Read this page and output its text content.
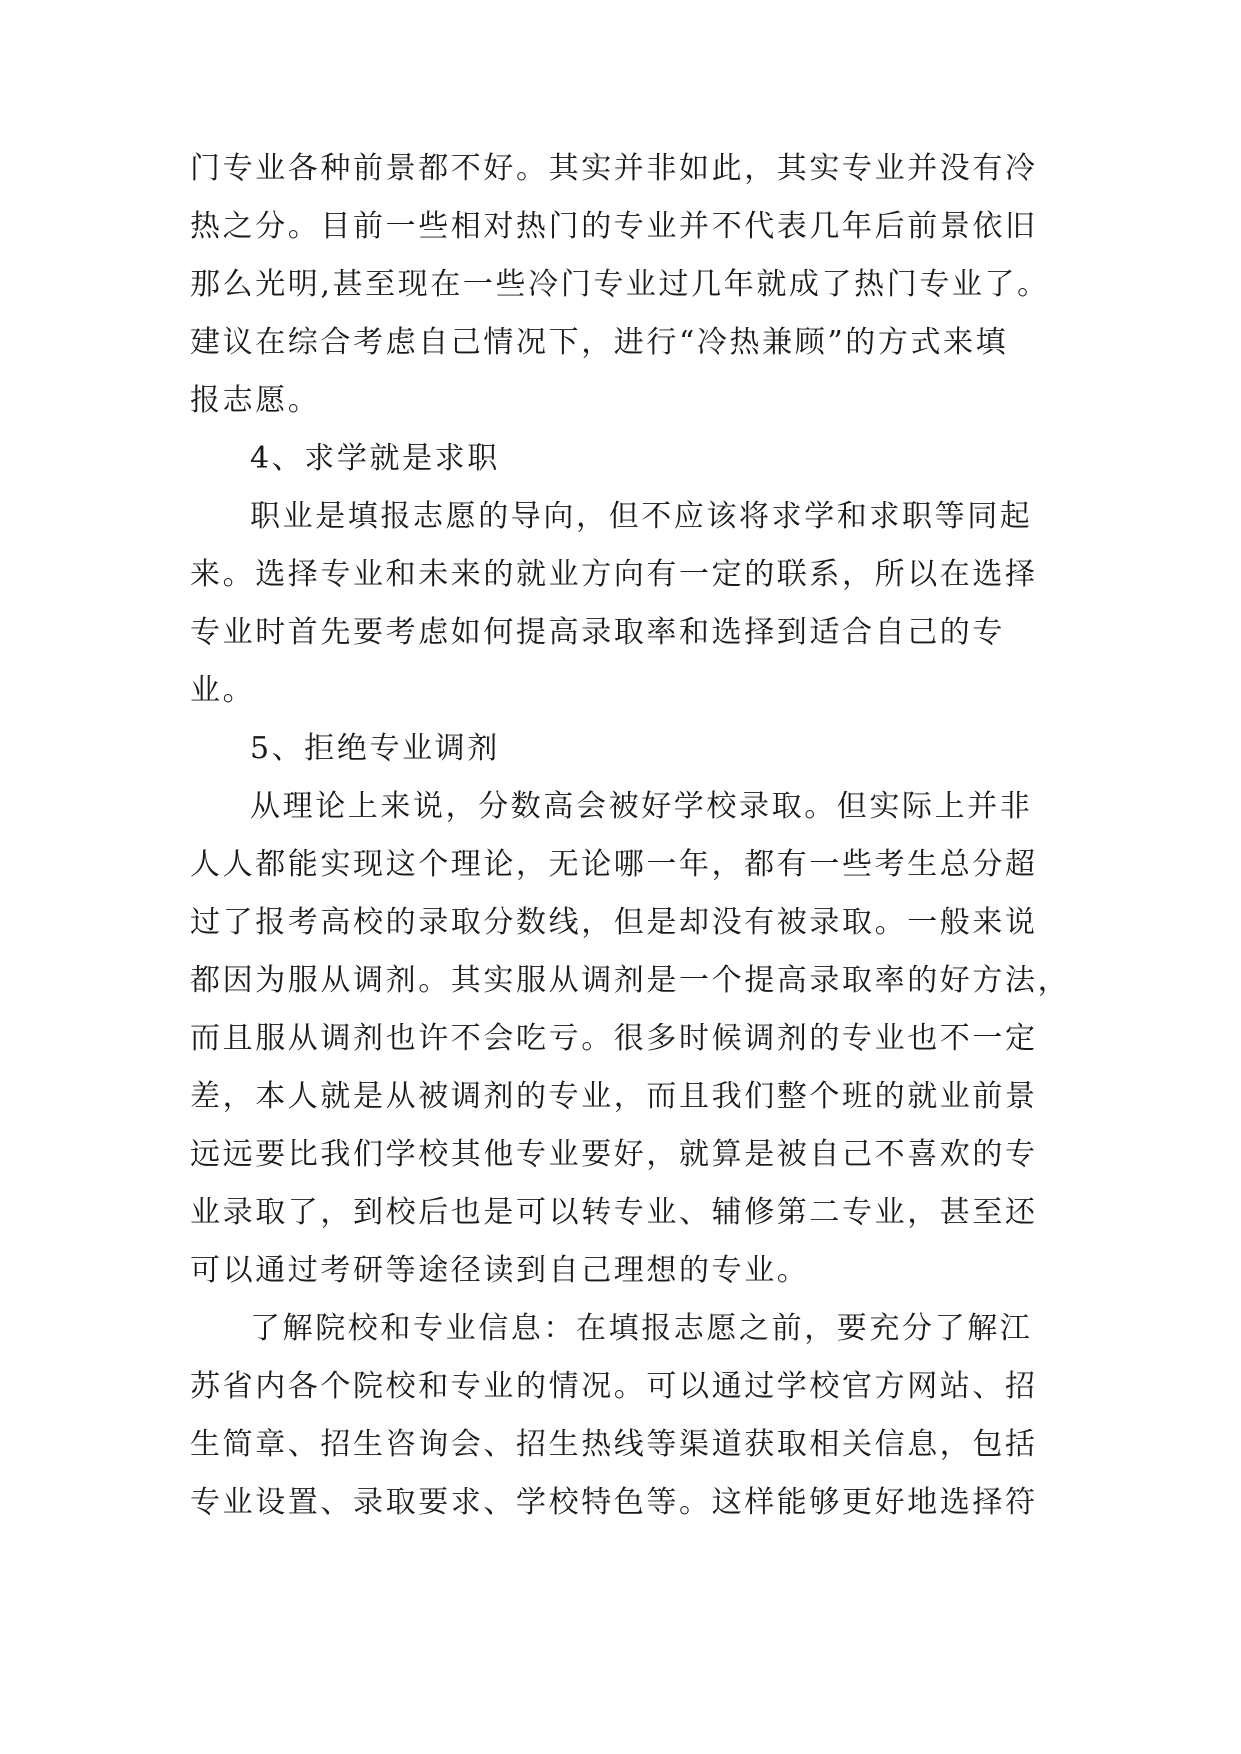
门专业各种前景都不好。其实并非如此，其实专业并没有冷
热之分。目前一些相对热门的专业并不代表几年后前景依旧
那么光明,甚至现在一些冷门专业过几年就成了热门专业了。
建议在综合考虑自己情况下，进行“冷热兼顾”的方式来填
报志愿。
4、求学就是求职
职业是填报志愿的导向，但不应该将求学和求职等同起
来。选择专业和未来的就业方向有一定的联系，所以在选择
专业时首先要考虑如何提高录取率和选择到适合自己的专
业。
5、拒绝专业调剂
从理论上来说，分数高会被好学校录取。但实际上并非
人人都能实现这个理论，无论哪一年，都有一些考生总分超
过了报考高校的录取分数线，但是却没有被录取。一般来说
都因为服从调剂。其实服从调剂是一个提高录取率的好方法，
而且服从调剂也许不会吃亏。很多时候调剂的专业也不一定
差，本人就是从被调剂的专业，而且我们整个班的就业前景
远远要比我们学校其他专业要好，就算是被自己不喜欢的专
业录取了，到校后也是可以转专业、辅修第二专业，甚至还
可以通过考研等途径读到自己理想的专业。
了解院校和专业信息：在填报志愿之前，要充分了解江
苏省内各个院校和专业的情况。可以通过学校官方网站、招
生简章、招生咨询会、招生热线等渠道获取相关信息，包括
专业设置、录取要求、学校特色等。这样能够更好地选择符
